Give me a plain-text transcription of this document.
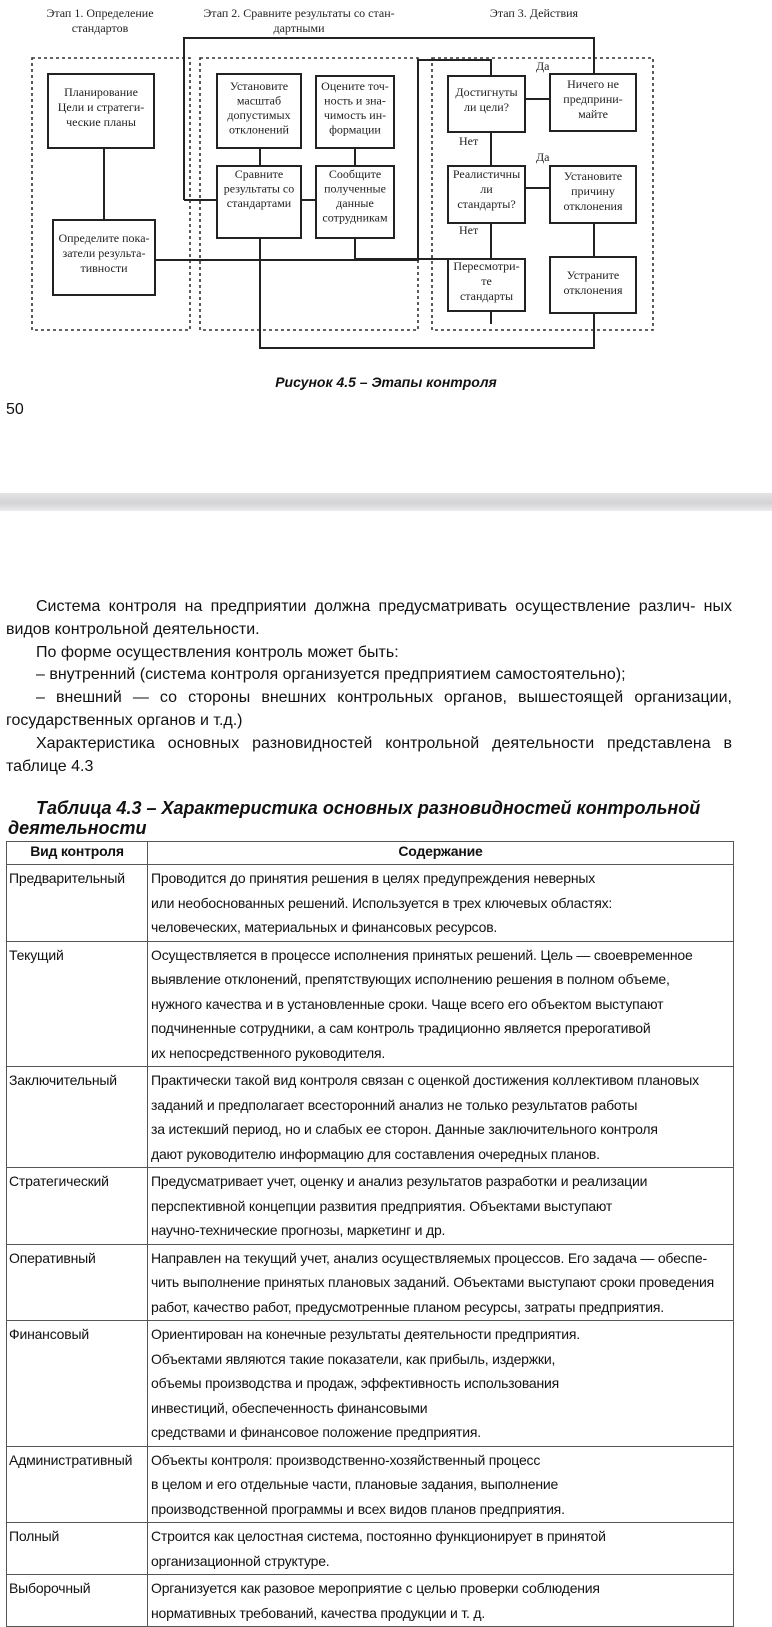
Планирование
Цели и стратеги-
ческие планы
Определите пока-
затели результа-
тивности
Установите
масштаб
допустимых
отклонений
Оцените точ-
ность и зна-
чимость ин-
формации
Сравните
результаты со
стандартами
Сообщите
полученные
данные
сотрудникам
Достигнуты
ли цели?
Ничего не
предприни-
майте
Реалистичны
ли
стандарты?
Установите
причину
отклонения
Пересмотри-
те
стандарты
Устраните
отклонения
Этап 1. Определение
стандартов
Этап 2. Сравните результаты со стан-
дартными
Этап 3. Действия
Да
Да
Нет
Нет
Рисунок 4.5 – Этапы контроля
50

Система контроля на предприятии должна предусматривать осуществление различ- ных видов контрольной деятельности.

По форме осуществления контроль может быть:

– внутренний (система контроля организуется предприятием самостоятельно);

– внешний — со стороны внешних контрольных органов, вышестоящей организации, государственных органов и т.д.)

Характеристика основных разновидностей контрольной деятельности представлена в таблице 4.3

Таблица 4.3 – Характеристика основных разновидностей контрольной
деятельности
Вид контроля	Содержание
Предварительный	Проводится до принятия решения в целях предупреждения неверных
или необоснованных решений. Используется в трех ключевых областях:
человеческих, материальных и финансовых ресурсов.

Текущий	Осуществляется в процессе исполнения принятых решений. Цель — своевременное
выявление отклонений, препятствующих исполнению решения в полном объеме,
нужного качества и в установленные сроки. Чаще всего его объектом выступают
подчиненные сотрудники, а сам контроль традиционно является прерогативой
их непосредственного руководителя.

Заключительный	Практически такой вид контроля связан с оценкой достижения коллективом плановых
заданий и предполагает всесторонний анализ не только результатов работы
за истекший период, но и слабых ее сторон. Данные заключительного контроля
дают руководителю информацию для составления очередных планов.

Стратегический	Предусматривает учет, оценку и анализ результатов разработки и реализации
перспективной концепции развития предприятия. Объектами выступают
научно-технические прогнозы, маркетинг и др.

Оперативный	Направлен на текущий учет, анализ осуществляемых процессов. Его задача — обеспе-
чить выполнение принятых плановых заданий. Объектами выступают сроки проведения
работ, качество работ, предусмотренные планом ресурсы, затраты предприятия.

Финансовый	Ориентирован на конечные результаты деятельности предприятия.
Объектами являются такие показатели, как прибыль, издержки,
объемы производства и продаж, эффективность использования
инвестиций, обеспеченность финансовыми
средствами и финансовое положение предприятия.

Административный	Объекты контроля: производственно-хозяйственный процесс
в целом и его отдельные части, плановые задания, выполнение
производственной программы и всех видов планов предприятия.

Полный	Строится как целостная система, постоянно функционирует в принятой
организационной структуре.

Выборочный	Организуется как разовое мероприятие с целью проверки соблюдения
нормативных требований, качества продукции и т. д.
